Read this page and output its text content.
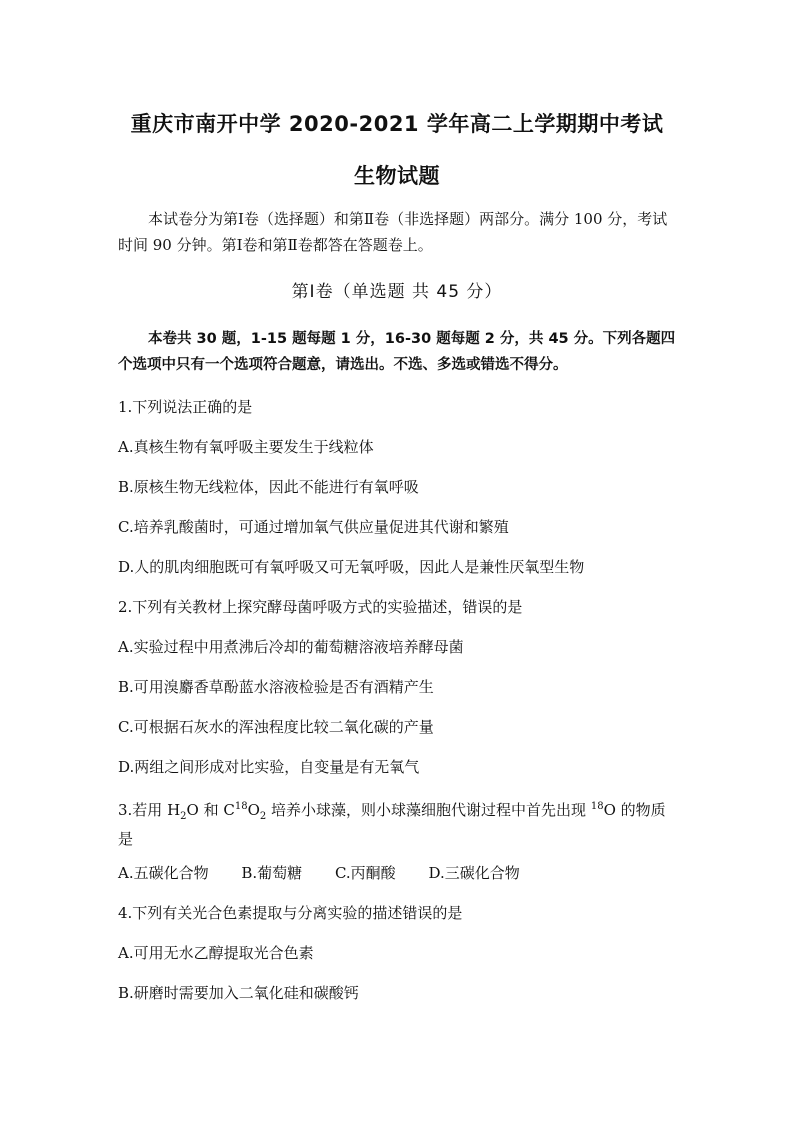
重庆市南开中学 2020-2021 学年高二上学期期中考试
生物试题
本试卷分为第Ⅰ卷（选择题）和第Ⅱ卷（非选择题）两部分。满分 100 分，考试时间 90 分钟。第Ⅰ卷和第Ⅱ卷都答在答题卷上。
第Ⅰ卷（单选题 共 45 分）
本卷共 30 题，1-15 题每题 1 分，16-30 题每题 2 分，共 45 分。下列各题四个选项中只有一个选项符合题意，请选出。不选、多选或错选不得分。
1.下列说法正确的是
A.真核生物有氧呼吸主要发生于线粒体
B.原核生物无线粒体，因此不能进行有氧呼吸
C.培养乳酸菌时，可通过增加氧气供应量促进其代谢和繁殖
D.人的肌肉细胞既可有氧呼吸又可无氧呼吸，因此人是兼性厌氧型生物
2.下列有关教材上探究酵母菌呼吸方式的实验描述，错误的是
A.实验过程中用煮沸后冷却的葡萄糖溶液培养酵母菌
B.可用溴麝香草酚蓝水溶液检验是否有酒精产生
C.可根据石灰水的浑浊程度比较二氧化碳的产量
D.两组之间形成对比实验，自变量是有无氧气
3.若用 $H_2O$ 和 $C^{18}O_2$ 培养小球藻，则小球藻细胞代谢过程中首先出现 $^{18}$O 的物质是
A.五碳化合物 B.葡萄糖 C.丙酮酸 D.三碳化合物
4.下列有关光合色素提取与分离实验的描述错误的是
A.可用无水乙醇提取光合色素
B.研磨时需要加入二氧化硅和碳酸钙
